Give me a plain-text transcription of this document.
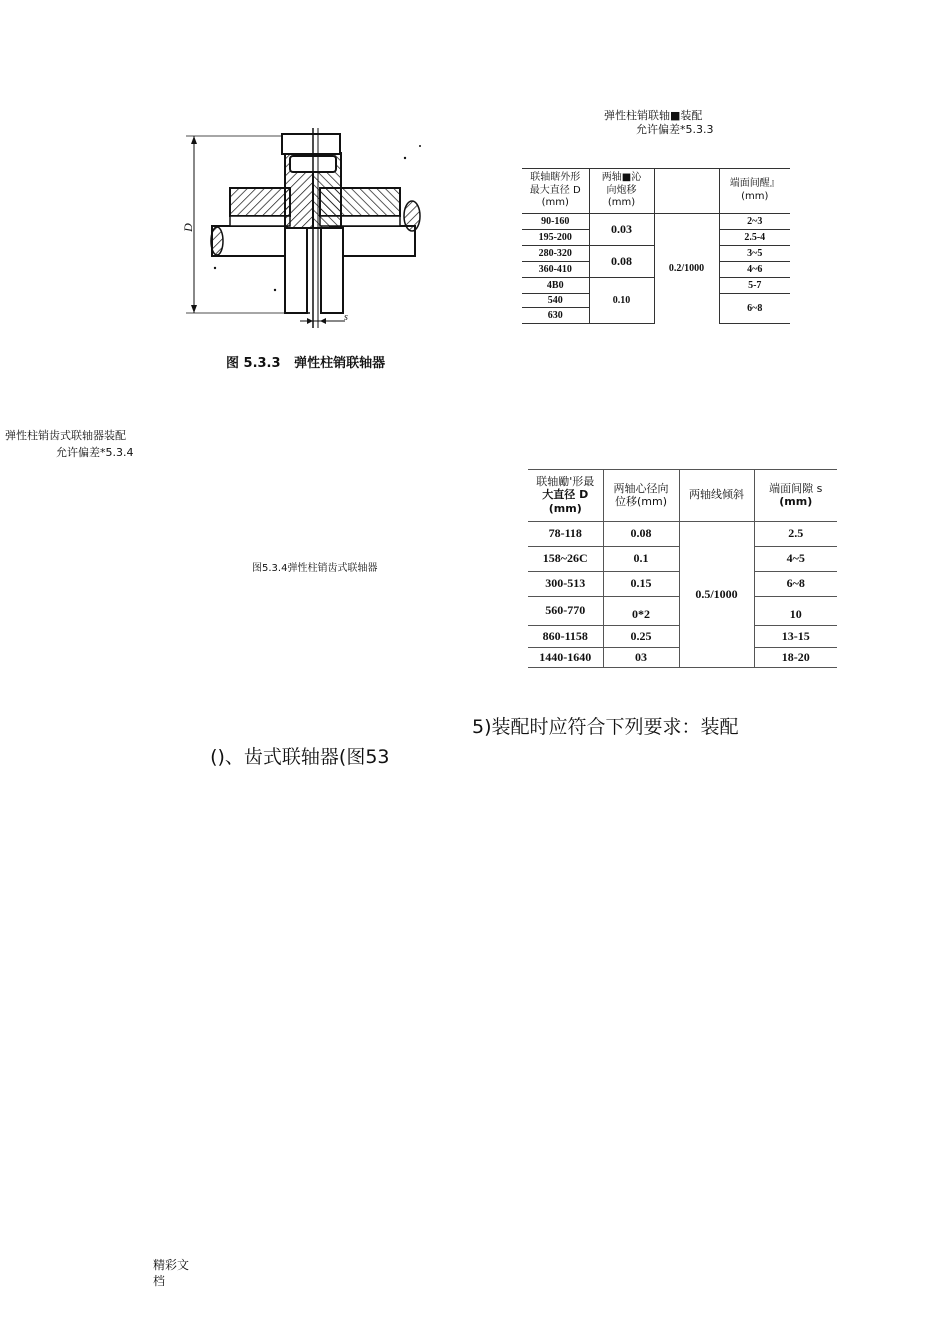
D
s
图 5.3.3   弹性柱销联轴器
弹性柱销联轴■装配
允许偏差*5.3.3
联轴瞎外形
最大直径 D
(mm)	两轴■沁
向炮移
(mm)		端面间醒』
(mm)
90-160	0.03	0.2/1000	2~3
195-200			2.5-4
280-320	0.08		3~5
360-410			4~6
4B0	0.10		5-7
540			6~8
630			
弹性柱销齿式联轴器装配
允许偏差*5.3.4
图5.3.4弹性柱销齿式联轴器
联轴勵'形最
大直径 D
(mm)	两轴心径向
位移(mm)	两轴线倾斜	端面间隙 s
(mm)
78-118	0.08	0.5/1000	2.5
158~26C	0.1		4~5
300-513	0.15		6~8
560-770	0*2		10
860-1158	0.25		13-15
1440-1640	03		18-20

()、齿式联轴器(图53

5)装配时应符合下列要求：装配

精彩文
档
